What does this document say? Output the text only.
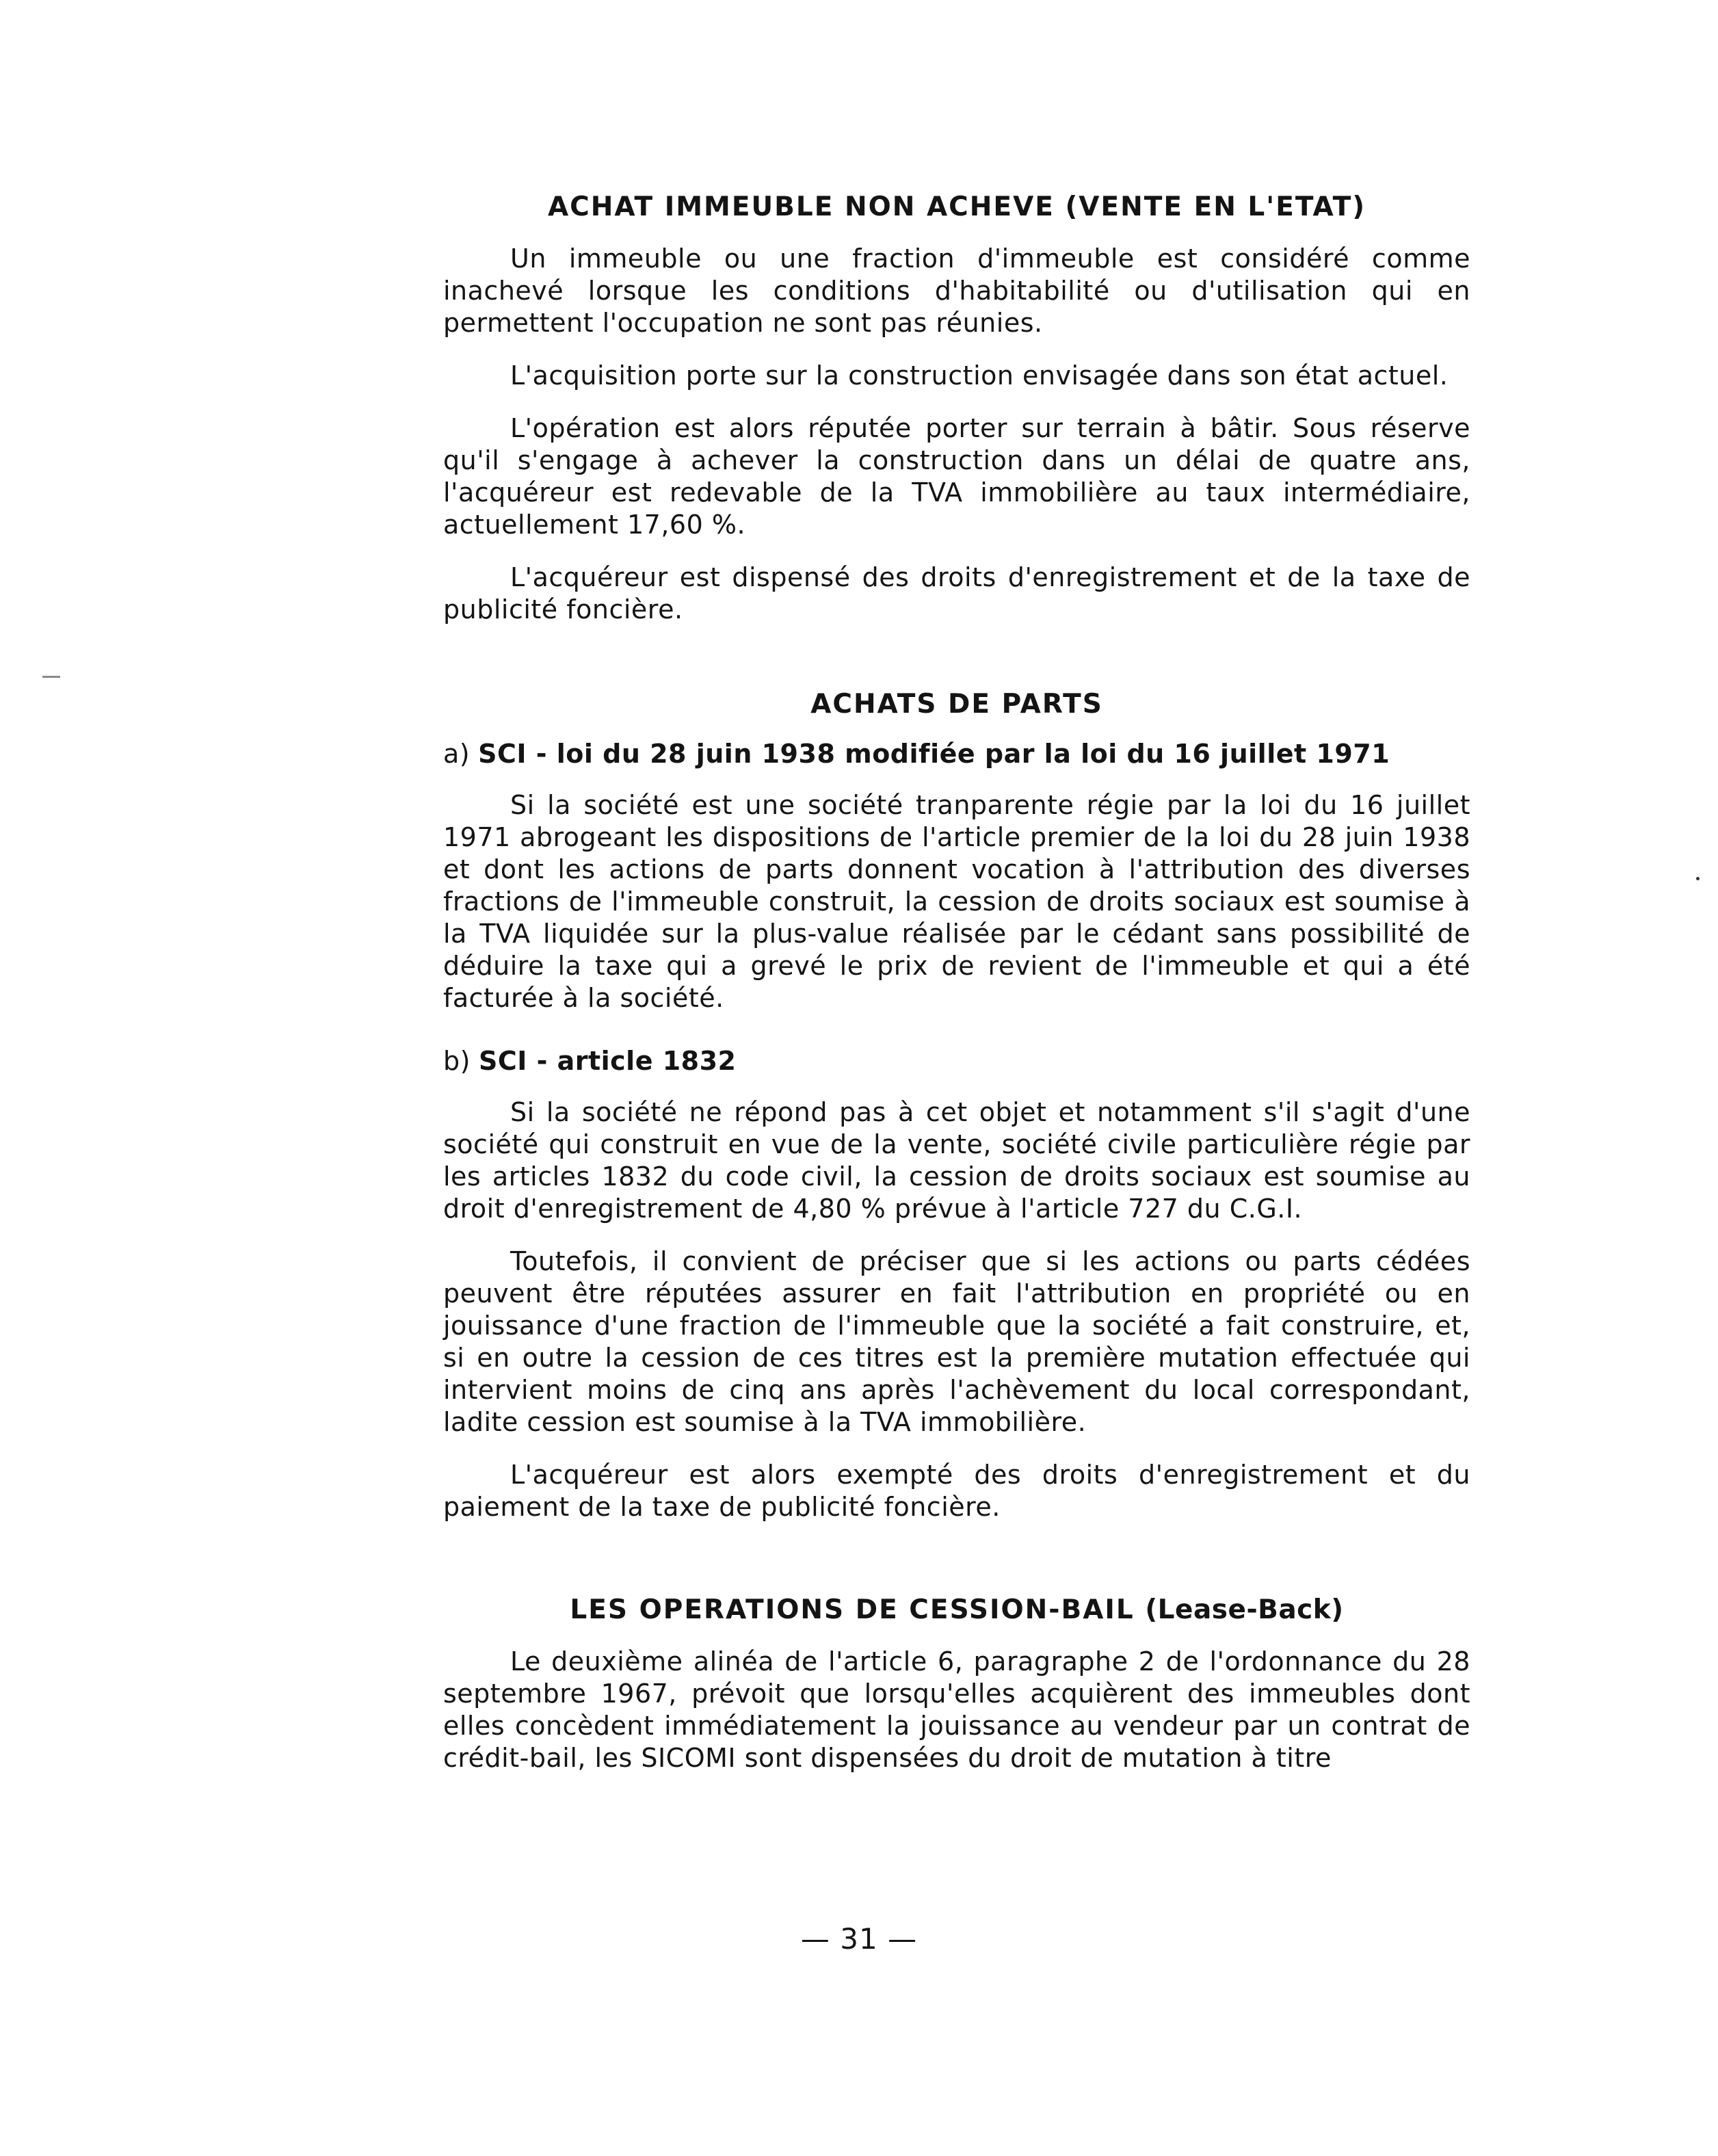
ACHAT IMMEUBLE NON ACHEVE (VENTE EN L'ETAT)

Un immeuble ou une fraction d'immeuble est considéré comme inachevé lorsque les conditions d'habitabilité ou d'utilisation qui en permettent l'occupation ne sont pas réunies.

L'acquisition porte sur la construction envisagée dans son état actuel.

L'opération est alors réputée porter sur terrain à bâtir. Sous réserve qu'il s'engage à achever la construction dans un délai de quatre ans, l'acquéreur est redevable de la TVA immobilière au taux intermédiaire, actuellement 17,60 %.

L'acquéreur est dispensé des droits d'enregistrement et de la taxe de publicité foncière.

ACHATS DE PARTS
a) SCI - loi du 28 juin 1938 modifiée par la loi du 16 juillet 1971

Si la société est une société tranparente régie par la loi du 16 juillet 1971 abrogeant les dispositions de l'article premier de la loi du 28 juin 1938 et dont les actions de parts donnent vocation à l'attribution des diverses fractions de l'immeuble construit, la cession de droits sociaux est soumise à la TVA liquidée sur la plus-value réalisée par le cédant sans possibilité de déduire la taxe qui a grevé le prix de revient de l'immeuble et qui a été facturée à la société.

b) SCI - article 1832

Si la société ne répond pas à cet objet et notamment s'il s'agit d'une société qui construit en vue de la vente, société civile particulière régie par les articles 1832 du code civil, la cession de droits sociaux est soumise au droit d'enregistrement de 4,80 % prévue à l'article 727 du C.G.I.

Toutefois, il convient de préciser que si les actions ou parts cédées peuvent être réputées assurer en fait l'attribution en propriété ou en jouissance d'une fraction de l'immeuble que la société a fait construire, et, si en outre la cession de ces titres est la première mutation effectuée qui intervient moins de cinq ans après l'achèvement du local correspondant, ladite cession est soumise à la TVA immobilière.

L'acquéreur est alors exempté des droits d'enregistrement et du paiement de la taxe de publicité foncière.

LES OPERATIONS DE CESSION-BAIL (Lease-Back)

Le deuxième alinéa de l'article 6, paragraphe 2 de l'ordonnance du 28 septembre 1967, prévoit que lorsqu'elles acquièrent des immeubles dont elles concèdent immédiatement la jouissance au vendeur par un contrat de crédit-bail, les SICOMI sont dispensées du droit de mutation à titre

— 31 —
